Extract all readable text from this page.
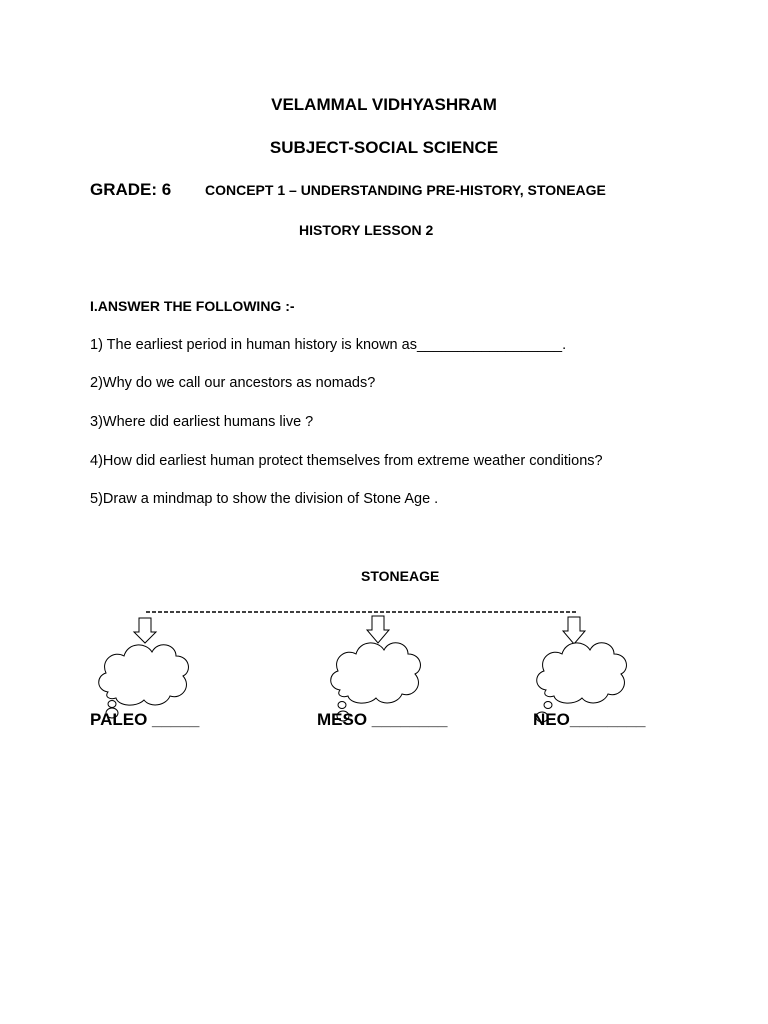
VELAMMAL VIDHYASHRAM
SUBJECT-SOCIAL SCIENCE
GRADE: 6 CONCEPT 1 – UNDERSTANDING PRE-HISTORY, STONEAGE
HISTORY LESSON 2
I.ANSWER THE FOLLOWING :-
1) The earliest period in human history is known as__________________.
2)Why do we call our ancestors as nomads?
3)Where did earliest humans live ?
4)How did earliest human protect themselves from extreme weather conditions?
5)Draw a mindmap to show the division of Stone Age .
STONEAGE
PALEO _____	MESO ________	NEO________
